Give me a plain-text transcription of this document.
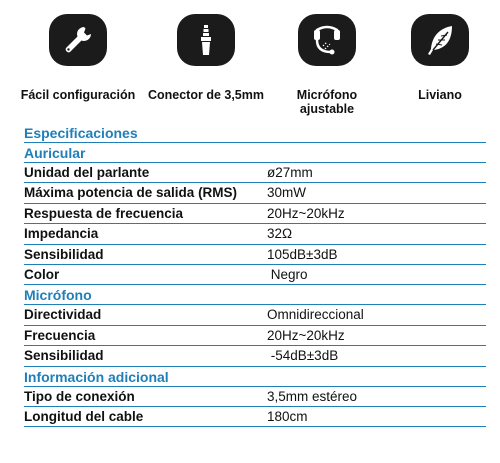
Fácil configuración Conector de 3,5mm	Micrófono
ajustable
Liviano
Especificaciones
Auricular
Unidad del parlante	ø27mm
Máxima potencia de salida (RMS)	30mW
Respuesta de frecuencia	20Hz~20kHz
Impedancia	32Ω
Sensibilidad	105dB±3dB
Color	Negro
Micrófono
Directividad	Omnidireccional
Frecuencia	20Hz~20kHz
Sensibilidad	-54dB±3dB
Información adicional
Tipo de conexión	3,5mm estéreo
Longitud del cable	180cm
